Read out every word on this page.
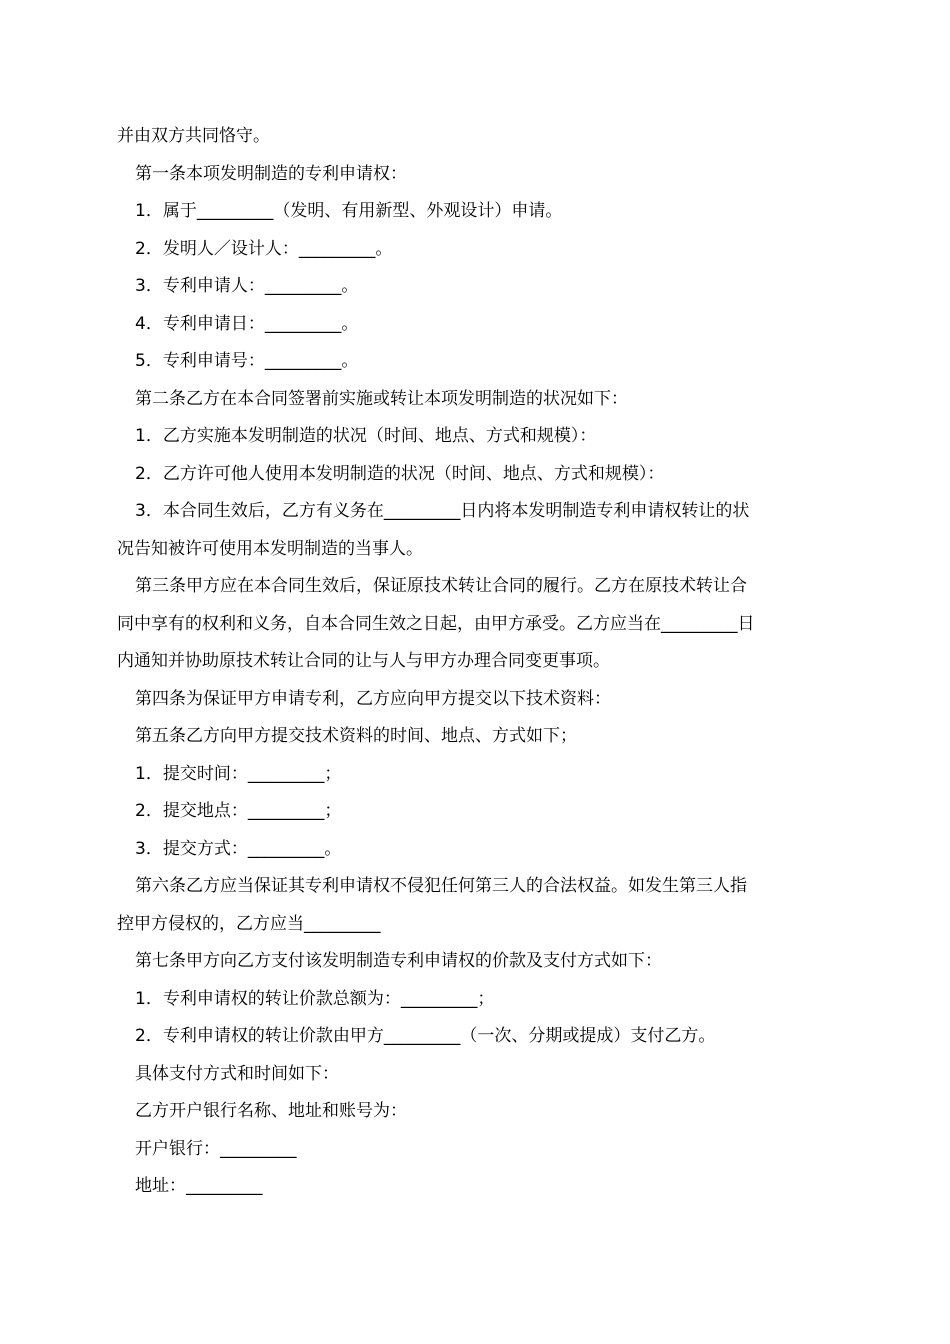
并由双方共同恪守。
第一条本项发明制造的专利申请权：
1．属于_________（发明、有用新型、外观设计）申请。
2．发明人／设计人：_________。
3．专利申请人：_________。
4．专利申请日：_________。
5．专利申请号：_________。
第二条乙方在本合同签署前实施或转让本项发明制造的状况如下：
1．乙方实施本发明制造的状况（时间、地点、方式和规模）：
2．乙方许可他人使用本发明制造的状况（时间、地点、方式和规模）：
3．本合同生效后，乙方有义务在_________日内将本发明制造专利申请权转让的状
况告知被许可使用本发明制造的当事人。
第三条甲方应在本合同生效后，保证原技术转让合同的履行。乙方在原技术转让合
同中享有的权利和义务，自本合同生效之日起，由甲方承受。乙方应当在_________日
内通知并协助原技术转让合同的让与人与甲方办理合同变更事项。
第四条为保证甲方申请专利，乙方应向甲方提交以下技术资料：
第五条乙方向甲方提交技术资料的时间、地点、方式如下；
1．提交时间：_________；
2．提交地点：_________；
3．提交方式：_________。
第六条乙方应当保证其专利申请权不侵犯任何第三人的合法权益。如发生第三人指
控甲方侵权的，乙方应当_________
第七条甲方向乙方支付该发明制造专利申请权的价款及支付方式如下：
1．专利申请权的转让价款总额为：_________；
2．专利申请权的转让价款由甲方_________（一次、分期或提成）支付乙方。
具体支付方式和时间如下：
乙方开户银行名称、地址和账号为：
开户银行：_________
地址：_________
